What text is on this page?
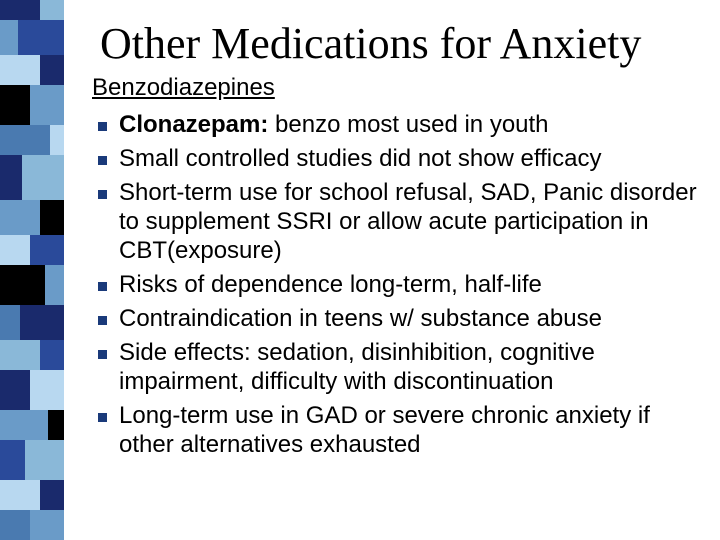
Other Medications for Anxiety
Benzodiazepines
Clonazepam: benzo most used in youth
Small controlled studies did not show efficacy
Short-term use for school refusal, SAD, Panic disorder to supplement SSRI or allow acute participation in CBT(exposure)
Risks of dependence long-term, half-life
Contraindication in teens w/ substance abuse
Side effects: sedation, disinhibition, cognitive impairment, difficulty with discontinuation
Long-term use in GAD or severe chronic anxiety if other alternatives exhausted
